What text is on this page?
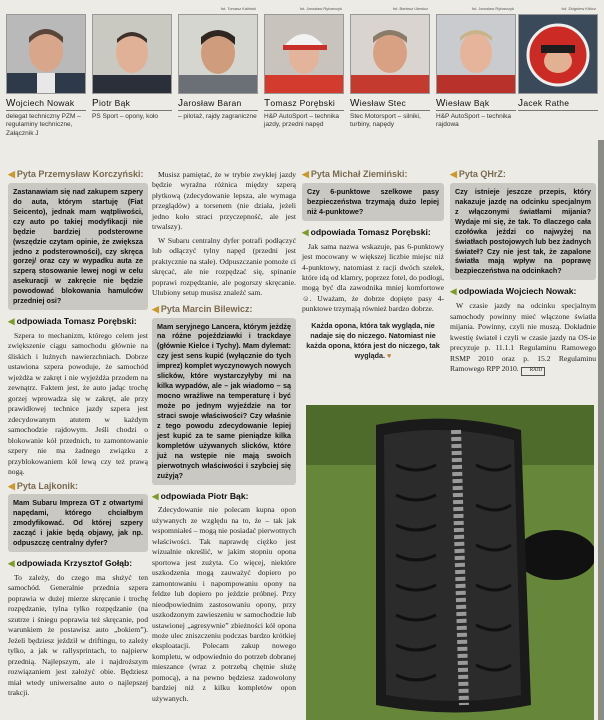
Wojciech Nowak
delegat techniczny PZM – regulaminy techniczne, Załącznik J
Piotr Bąk
PS Sport – opony, koło
fot. Tomasz Kaliński
Jarosław Baran
– pilotaż, rajdy zagraniczne
fot. Jarosław Rybarczyk
Tomasz Porębski
H&P AutoSport – technika jazdy, przedni napęd
fot. Bartosz Ulewicz
Wiesław Stec
Stec Motorsport – silniki, turbiny, napędy
fot. Jarosław Rybarczyk
Wiesław Bąk
H&P AutoSport – technika rajdowa
fot. Zbigniew Kibicz
Jacek Rathe
◀ Pyta Przemysław Korczyński:
Zastanawiam się nad zakupem szpery do auta, którym startuję (Fiat Seicento), jednak mam wątpliwości, czy auto po takiej modyfikacji nie będzie bardziej podsterowne (wszędzie czytam opinie, że zwiększa jedno z podsterowności), czy skręca gorzej/ oraz czy w wypadku auta ze szperą stosowanie lewej nogi w celu asekuracji w zakręcie nie będzie powodować blokowania hamulców przedniej osi?
◀ odpowiada Tomasz Porębski:

Szpera to mechanizm, którego celem jest zwiększenie ciągu samochodu głównie na śliskich i luźnych nawierzchniach. Dobrze ustawiona szpera powoduje, że samochód wjeżdża w zakręt i nie wyjeżdża przodem na zewnątrz. Faktem jest, że auto jadąc trochę gorzej wprowadza się w zakręt, ale przy prawidłowej technice jazdy szpera jest zdecydowanym atutem w każdym samochodzie rajdowym. Jeśli chodzi o blokowanie kół przednich, to zamontowanie szpery nie ma żadnego związku z przyblokowaniem kół lewą czy też prawą nogą.

◀ Pyta Lajkonik:
Mam Subaru Impreza GT z otwartymi napędami, którego chciałbym zmodyfikować. Od której szpery zacząć i jakie będą objawy, jak np. odpuszczę centralny dyfer?
◀ odpowiada Krzysztof Gołąb:

To zależy, do czego ma służyć ten samochód. Generalnie przednia szpera poprawia w dużej mierze skręcanie i trochę rozpędzanie, tylna tylko rozpędzanie (na szutrze i śniegu poprawia też skręcanie, pod warunkiem że postawisz auto „bokiem”). Jeżeli będziesz jeździł w driftingu, to zależy tylko, a jak w rallysprintach, to najpierw przednią. Najlepszym, ale i najdroższym rozwiązaniem jest założyć obie. Będziesz miał wtedy uniwersalne auto o najlepszej trakcji.

Musisz pamiętać, że w trybie zwykłej jazdy będzie wyraźna różnica między szperą płytkową (zdecydowanie lepsza, ale wymaga przeglądów) a torsenem (nie działa, jeżeli jedno koło straci przyczepność, ale jest trwalszy).

W Subaru centralny dyfer potrafi podłączyć lub odłączyć tylny napęd (przedni jest praktycznie na stałe). Odpuszczanie pomoże ci skręcać, ale nie rozpędzać się, spinanie poprawi rozpędzanie, ale pogorszy skręcanie. Ulubiony setup musisz znaleźć sam.

◀ Pyta Marcin Bilewicz:
Mam seryjnego Lancera, którym jeżdżę na różne pojeździawki i trackdaye (głównie Kielce i Tychy). Mam dylemat: czy jest sens kupić (wyłącznie do tych imprez) komplet wyczynowych nowych slicków, które wystarczyłyby mi na kilka wypadów, ale – jak wiadomo – są mocno wrażliwe na temperaturę i być może po jednym wyjeździe na tor straci swoje właściwości? Czy właśnie z tego powodu zdecydowanie lepiej jest kupić za te same pieniądze kilka kompletów używanych slicków, które już na wstępie nie mają swoich pierwotnych właściwości i szybciej się zużyją?
◀ odpowiada Piotr Bąk:

Zdecydowanie nie polecam kupna opon używanych ze względu na to, że – tak jak wspomniałeś – mogą nie posiadać pierwotnych właściwości. Tak naprawdę ciężko jest wizualnie określić, w jakim stopniu opona sportowa jest zużyta. Co więcej, niektóre uszkodzenia mogą zauważyć dopiero po zamontowaniu i napompowaniu opony na feldze lub dopiero po jeździe próbnej. Przy nieodpowiednim zastosowaniu opony, przy uszkodzonym zawieszeniu w samochodzie lub ustawionej „agresywnie” zbieżności kół opona może ulec zniszczeniu podczas bardzo krótkiej eksploatacji. Polecam zakup nowego kompletu, w odpowiednio do potrzeb dobranej mieszance (wraz z potrzebą chętnie służę pomocą), a na pewno będziesz zadowolony bardziej niż z kilku kompletów opon używanych.

◀ Pyta Michał Ziemiński:
Czy 6-punktowe szelkowe pasy bezpieczeństwa trzymają dużo lepiej niż 4-punktowe?
◀ odpowiada Tomasz Porębski:

Jak sama nazwa wskazuje, pas 6-punktowy jest mocowany w większej liczbie miejsc niż 4-punktowy, natomiast z racji dwóch szelek, które idą od klamry, poprzez fotel, do podłogi, mogą być dla zawodnika mniej komfortowe ☺. Uważam, że dobrze dopięte pasy 4-punktowe trzymają również bardzo dobrze.

Każda opona, która tak wygląda, nie nadaje się do niczego. Natomiast nie każda opona, która jest do niczego, tak wygląda. ♥
◀ Pyta QHrZ:
Czy istnieje jeszcze przepis, który nakazuje jazdę na odcinku specjalnym z włączonymi światłami mijania? Wydaje mi się, że tak. To dlaczego cała czołówka jeździ co najwyżej na światłach postojowych lub bez żadnych świateł? Czy nie jest tak, że zapalone światła mają wpływ na poprawę bezpieczeństwa na odcinkach?
◀ odpowiada Wojciech Nowak:

W czasie jazdy na odcinku specjalnym samochody powinny mieć włączone światła mijania. Powinny, czyli nie muszą. Dokładnie kwestię świateł i czyli w czasie jazdy na OS-ie precyzuje p. 11.1.1 Regulaminu Ramowego RSMP 2010 oraz p. 15.2 Regulaminu Ramowego RPP 2010. RAJD
